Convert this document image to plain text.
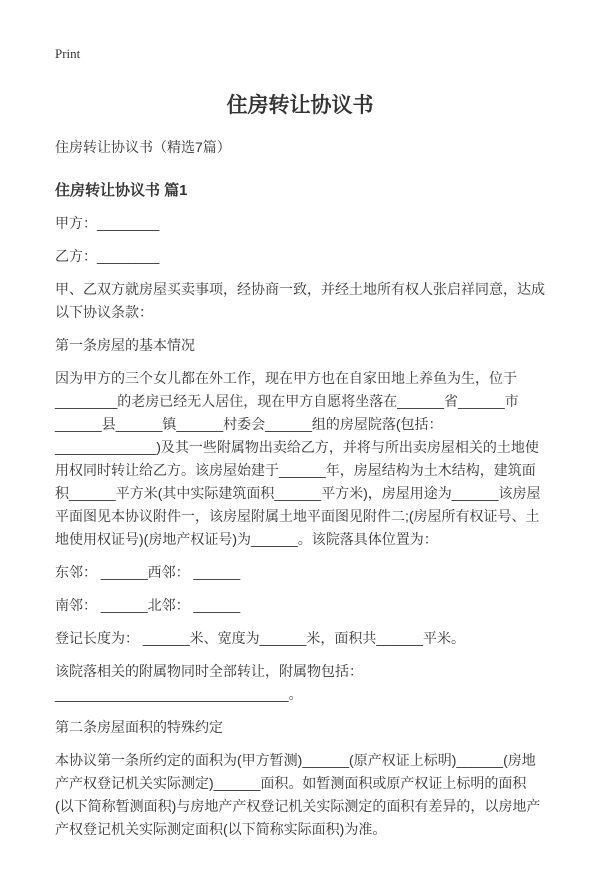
Print
住房转让协议书
住房转让协议书（精选7篇）
住房转让协议书 篇1

甲方：________

乙方：________

甲、乙双方就房屋买卖事项，经协商一致，并经土地所有权人张启祥同意，达成以下协议条款：

第一条房屋的基本情况

因为甲方的三个女儿都在外工作，现在甲方也在自家田地上养鱼为生，位于________的老房已经无人居住，现在甲方自愿将坐落在______省______市______县______镇______村委会______组的房屋院落(包括：_____________)及其一些附属物出卖给乙方，并将与所出卖房屋相关的土地使用权同时转让给乙方。该房屋始建于______年，房屋结构为土木结构，建筑面积______平方米(其中实际建筑面积______平方米)，房屋用途为______该房屋平面图见本协议附件一，该房屋附属土地平面图见附件二;(房屋所有权证号、土地使用权证号)(房地产权证号)为______。该院落具体位置为：

东邻： ______西邻： ______

南邻： ______北邻： ______

登记长度为： ______米、宽度为______米，面积共______平米。

该院落相关的附属物同时全部转让，附属物包括：

______________________________。

第二条房屋面积的特殊约定

本协议第一条所约定的面积为(甲方暂测)______(原产权证上标明)______(房地产产权登记机关实际测定)______面积。如暂测面积或原产权证上标明的面积(以下简称暂测面积)与房地产产权登记机关实际测定的面积有差异的，以房地产产权登记机关实际测定面积(以下简称实际面积)为准。
